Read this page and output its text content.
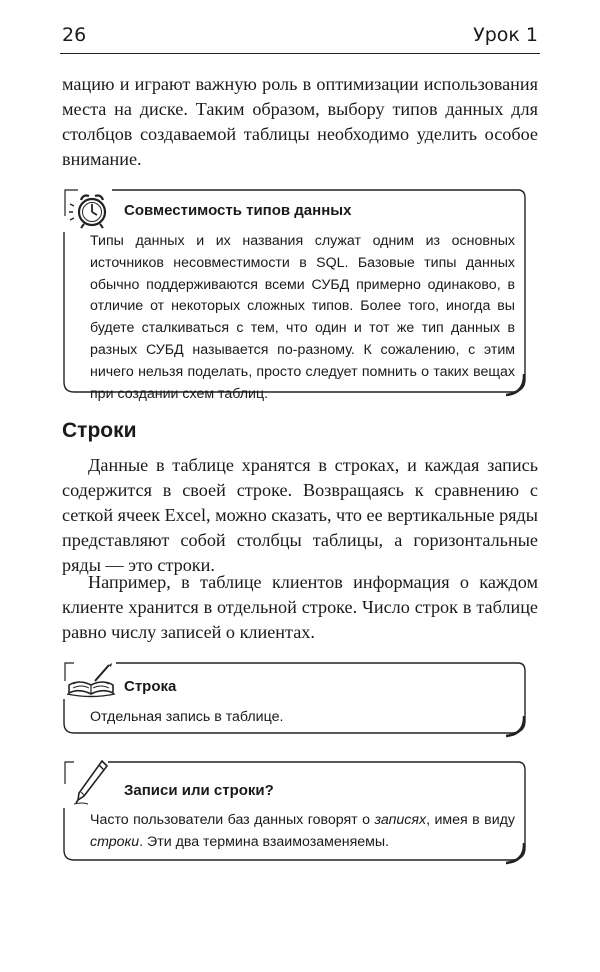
26	Урок 1

мацию и играют важную роль в оптимизации использования места на диске. Таким образом, выбору типов данных для столбцов создаваемой таблицы необходимо уделить особое внимание.

Совместимость типов данных

Типы данных и их названия служат одним из основных источников несовместимости в SQL. Базовые типы данных обычно поддерживаются всеми СУБД примерно одинаково, в отличие от некоторых сложных типов. Более того, иногда вы будете сталкиваться с тем, что один и тот же тип данных в разных СУБД называется по-разному. К сожалению, с этим ничего нельзя поделать, просто следует помнить о таких вещах при создании схем таблиц.

Строки

Данные в таблице хранятся в строках, и каждая запись содержится в своей строке. Возвращаясь к сравнению с сеткой ячеек Excel, можно сказать, что ее вертикальные ряды представляют собой столбцы таблицы, а горизонтальные ряды — это строки.

Например, в таблице клиентов информация о каждом клиенте хранится в отдельной строке. Число строк в таблице равно числу записей о клиентах.

Строка

Отдельная запись в таблице.

Записи или строки?

Часто пользователи баз данных говорят о записях, имея в виду строки. Эти два термина взаимозаменяемы.
